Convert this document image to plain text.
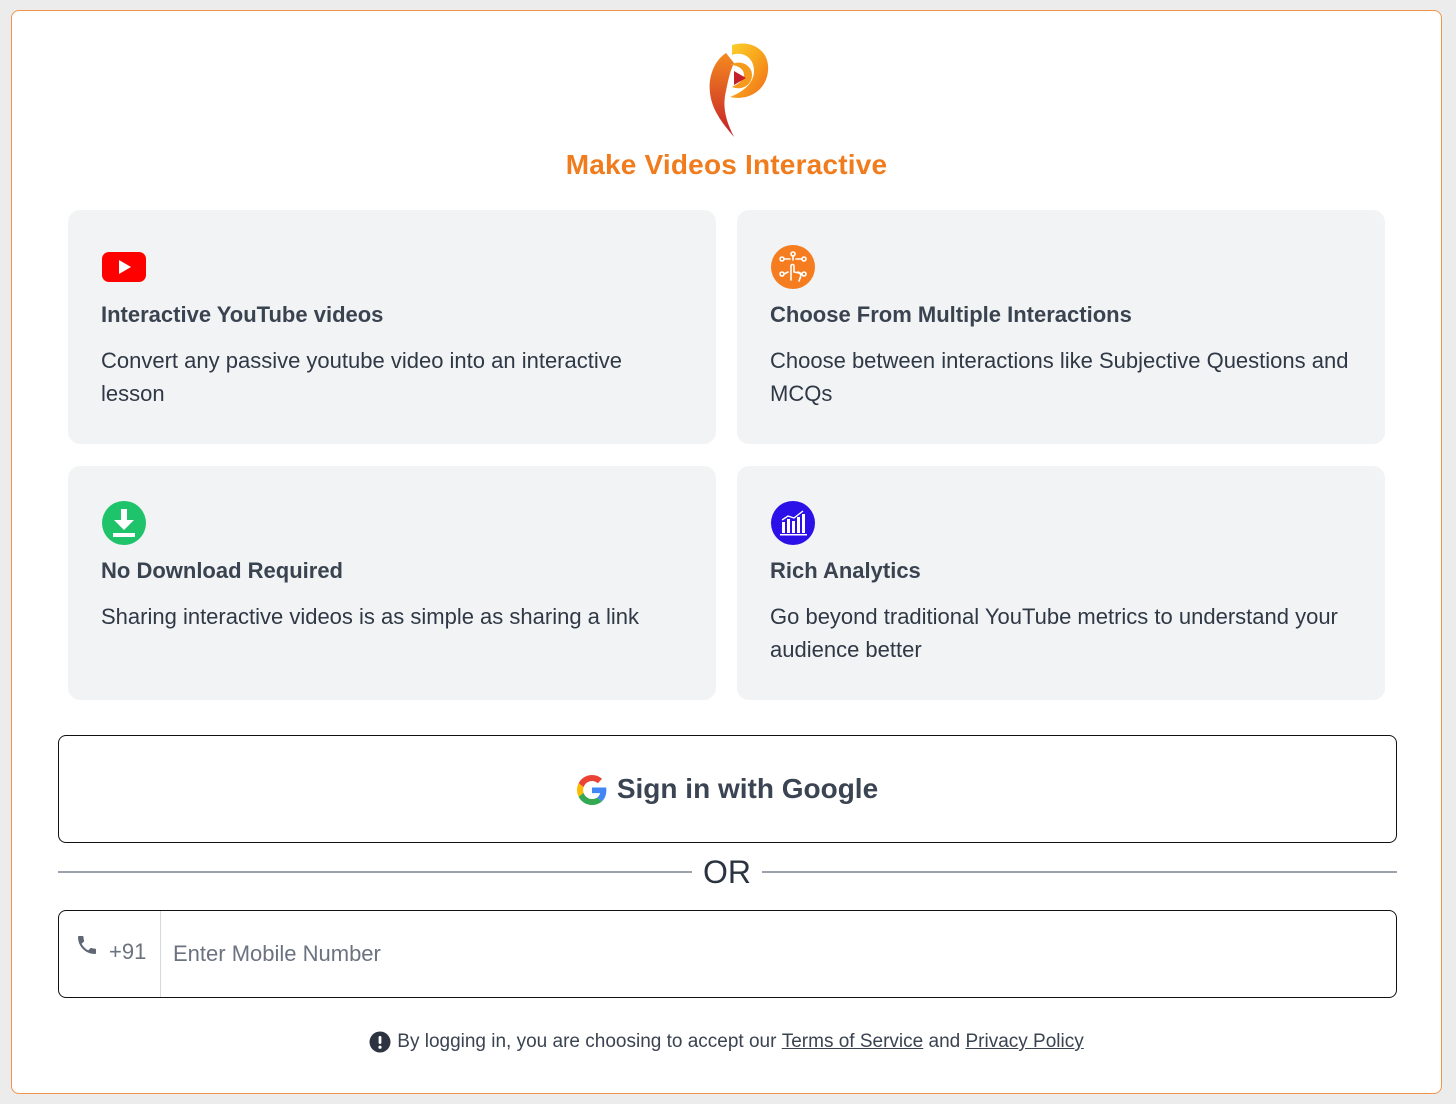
Make Videos Interactive
Interactive YouTube videos
Convert any passive youtube video into an interactive lesson
Choose From Multiple Interactions
Choose between interactions like Subjective Questions and MCQs
No Download Required
Sharing interactive videos is as simple as sharing a link
Rich Analytics
Go beyond traditional YouTube metrics to understand your audience better
Sign in with Google
OR
+91
Enter Mobile Number
By logging in, you are choosing to accept our
Terms of Service
and
Privacy Policy
